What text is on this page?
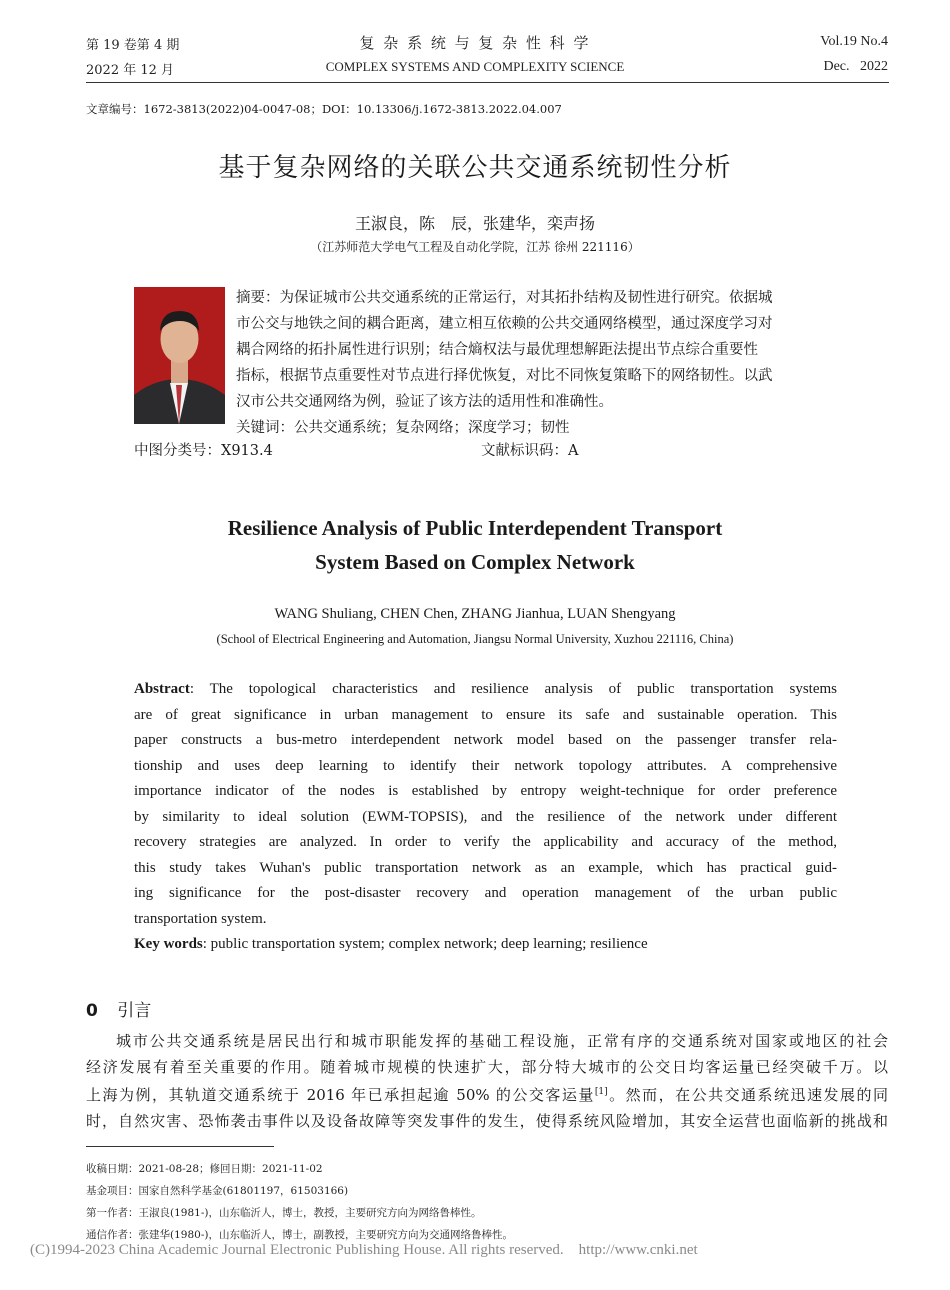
第 19 卷第 4 期
2022 年 12 月
复 杂 系 统 与 复 杂 性 科 学
COMPLEX SYSTEMS AND COMPLEXITY SCIENCE
Vol.19 No.4
Dec.   2022
文章编号：1672-3813(2022)04-0047-08；DOI：10.13306/j.1672-3813.2022.04.007
基于复杂网络的关联公共交通系统韧性分析
王淑良，陈　辰，张建华，栾声扬
（江苏师范大学电气工程及自动化学院，江苏 徐州 221116）
摘要：为保证城市公共交通系统的正常运行，对其拓扑结构及韧性进行研究。依据城
市公交与地铁之间的耦合距离，建立相互依赖的公共交通网络模型，通过深度学习对
耦合网络的拓扑属性进行识别；结合熵权法与最优理想解距法提出节点综合重要性
指标，根据节点重要性对节点进行择优恢复，对比不同恢复策略下的网络韧性。以武
汉市公共交通网络为例，验证了该方法的适用性和准确性。
关键词：公共交通系统；复杂网络；深度学习；韧性
中图分类号：X913.4	文献标识码：A
Resilience Analysis of Public Interdependent Transport
System Based on Complex Network
WANG Shuliang, CHEN Chen, ZHANG Jianhua, LUAN Shengyang
(School of Electrical Engineering and Automation, Jiangsu Normal University, Xuzhou 221116, China)
Abstract: The topological characteristics and resilience analysis of public transportation systems
are of great significance in urban management to ensure its safe and sustainable operation. This
paper constructs a bus-metro interdependent network model based on the passenger transfer rela-
tionship and uses deep learning to identify their network topology attributes. A comprehensive
importance indicator of the nodes is established by entropy weight-technique for order preference
by similarity to ideal solution (EWM-TOPSIS), and the resilience of the network under different
recovery strategies are analyzed. In order to verify the applicability and accuracy of the method,
this study takes Wuhan's public transportation network as an example, which has practical guid-
ing significance for the post-disaster recovery and operation management of the urban public
transportation system.
Key words: public transportation system; complex network; deep learning; resilience
0 引言
城市公共交通系统是居民出行和城市职能发挥的基础工程设施，正常有序的交通系统对国家或地区的社会
经济发展有着至关重要的作用。随着城市规模的快速扩大，部分特大城市的公交日均客运量已经突破千万。以
上海为例，其轨道交通系统于 2016 年已承担起逾 50% 的公交客运量[1]。然而，在公共交通系统迅速发展的同
时，自然灾害、恐怖袭击事件以及设备故障等突发事件的发生，使得系统风险增加，其安全运营也面临新的挑战和
收稿日期：2021-08-28；修回日期：2021-11-02
基金项目：国家自然科学基金(61801197，61503166)
第一作者：王淑良(1981-)，山东临沂人，博士，教授，主要研究方向为网络鲁棒性。
通信作者：张建华(1980-)，山东临沂人，博士，副教授，主要研究方向为交通网络鲁棒性。
(C)1994-2023 China Academic Journal Electronic Publishing House. All rights reserved.    http://www.cnki.net
